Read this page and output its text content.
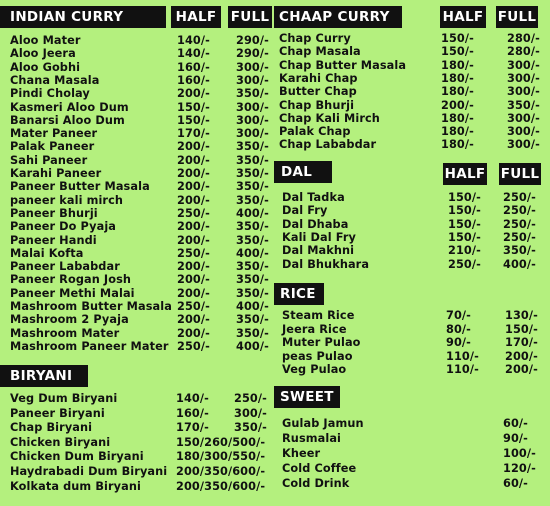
INDIAN CURRY	HALF	FULL CHAAP CURRY	HALF FULL
DAL	HALF FULL
RICE
SWEET
BIRYANI
Aloo Mater	140/- 290/-
Aloo Jeera	140/- 290/-
Aloo Gobhi	160/- 300/-
Chana Masala	160/- 300/-
Pindi Cholay	200/- 350/-
Kasmeri Aloo Dum	150/- 300/-
Banarsi Aloo Dum	150/- 300/-
Mater Paneer	170/- 300/-
Palak Paneer	200/- 350/-
Sahi Paneer	200/- 350/-
Karahi Paneer	200/- 350/-
Paneer Butter Masala 200/- 350/-
paneer kali mirch	200/- 350/-
Paneer Bhurji	250/- 400/-
Paneer Do Pyaja	200/- 350/-
Paneer Handi	200/- 350/-
Malai Kofta	250/- 400/-
Paneer Lababdar	200/- 350/-
Paneer Rogan Josh	200/- 350/-
Paneer Methi Malai	200/- 350/-
Mashroom Butter Masala 250/- 400/-
Mashroom 2 Pyaja	200/- 350/-
Mashroom Mater	200/- 350/-
Mashroom Paneer Mater 250/- 400/-
Veg Dum Biryani	140/- 250/-
Paneer Biryani	160/- 300/-
Chap Biryani	170/- 350/-
Chicken Biryani	150/260/500/-
Chicken Dum Biryani	180/300/550/-
Haydrabadi Dum Biryani 200/350/600/-
Kolkata dum Biryani	200/350/600/-
Chap Curry	150/-	280/-
Chap Masala	150/-	280/-
Chap Butter Masala	180/-	300/-
Karahi Chap	180/-	300/-
Butter Chap	180/-	300/-
Chap Bhurji	200/-	350/-
Chap Kali Mirch	180/-	300/-
Palak Chap	180/-	300/-
Chap Lababdar	180/-	300/-
Dal Tadka	150/- 250/-
Dal Fry	150/- 250/-
Dal Dhaba	150/- 250/-
Kali Dal Fry	150/- 250/-
Dal Makhni	210/- 350/-
Dal Bhukhara	250/- 400/-
Steam Rice	70/-	130/-
Jeera Rice	80/-	150/-
Muter Pulao	90/-	170/-
peas Pulao	110/- 200/-
Veg Pulao	110/- 200/-
Gulab Jamun	60/-
Rusmalai	90/-
Kheer	100/-
Cold Coffee	120/-
Cold Drink	60/-
